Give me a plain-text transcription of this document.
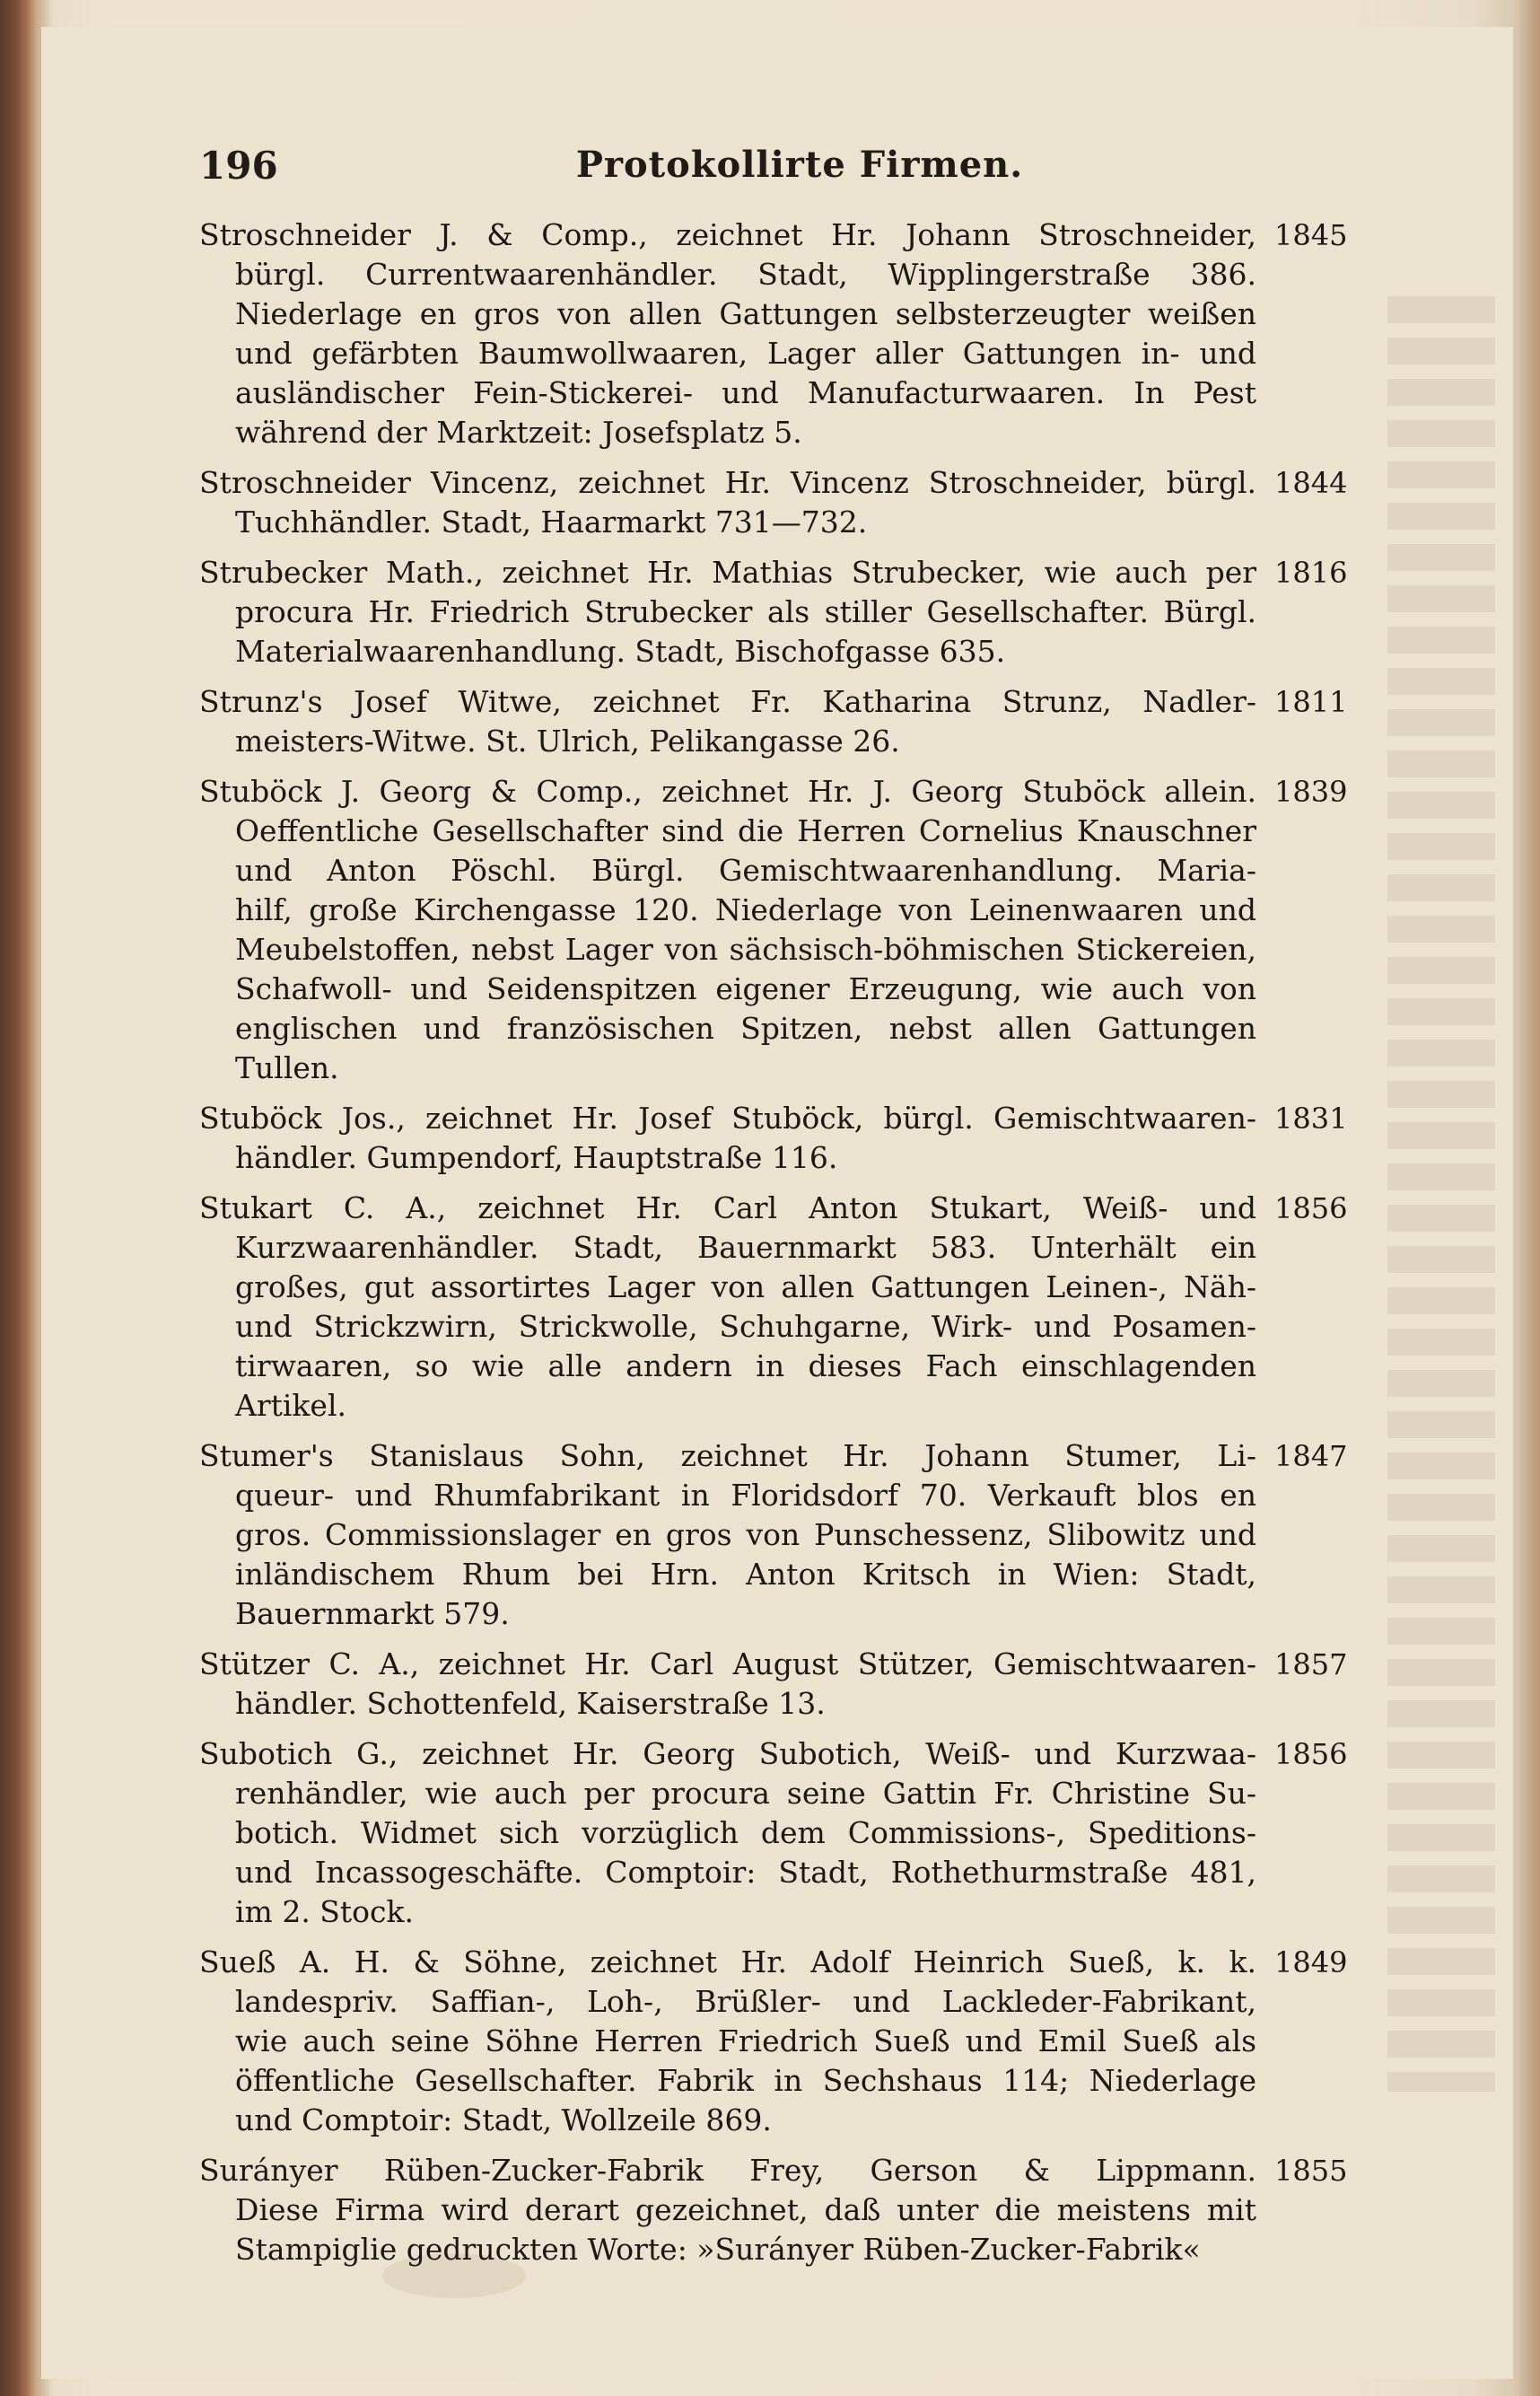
196	Protokollirte Firmen.
Stroschneider J. & Comp., zeichnet Hr. Johann Stroschneider, 1845
bürgl. Currentwaarenhändler. Stadt, Wipplingerstraße 386.
Niederlage en gros von allen Gattungen selbsterzeugter weißen
und gefärbten Baumwollwaaren, Lager aller Gattungen in- und
ausländischer Fein-Stickerei- und Manufacturwaaren. In Pest
während der Marktzeit: Josefsplatz 5.
Stroschneider Vincenz, zeichnet Hr. Vincenz Stroschneider, bürgl. 1844
Tuchhändler. Stadt, Haarmarkt 731—732.
Strubecker Math., zeichnet Hr. Mathias Strubecker, wie auch per 1816
procura Hr. Friedrich Strubecker als stiller Gesellschafter. Bürgl.
Materialwaarenhandlung. Stadt, Bischofgasse 635.
Strunz's Josef Witwe, zeichnet Fr. Katharina Strunz, Nadler- 1811
meisters-Witwe. St. Ulrich, Pelikangasse 26.
Stuböck J. Georg & Comp., zeichnet Hr. J. Georg Stuböck allein. 1839
Oeffentliche Gesellschafter sind die Herren Cornelius Knauschner
und Anton Pöschl. Bürgl. Gemischtwaarenhandlung. Maria-
hilf, große Kirchengasse 120. Niederlage von Leinenwaaren und
Meubelstoffen, nebst Lager von sächsisch-böhmischen Stickereien,
Schafwoll- und Seidenspitzen eigener Erzeugung, wie auch von
englischen und französischen Spitzen, nebst allen Gattungen
Tullen.
Stuböck Jos., zeichnet Hr. Josef Stuböck, bürgl. Gemischtwaaren- 1831
händler. Gumpendorf, Hauptstraße 116.
Stukart C. A., zeichnet Hr. Carl Anton Stukart, Weiß- und 1856
Kurzwaarenhändler. Stadt, Bauernmarkt 583. Unterhält ein
großes, gut assortirtes Lager von allen Gattungen Leinen-, Näh-
und Strickzwirn, Strickwolle, Schuhgarne, Wirk- und Posamen-
tirwaaren, so wie alle andern in dieses Fach einschlagenden
Artikel.
Stumer's Stanislaus Sohn, zeichnet Hr. Johann Stumer, Li- 1847
queur- und Rhumfabrikant in Floridsdorf 70. Verkauft blos en
gros. Commissionslager en gros von Punschessenz, Slibowitz und
inländischem Rhum bei Hrn. Anton Kritsch in Wien: Stadt,
Bauernmarkt 579.
Stützer C. A., zeichnet Hr. Carl August Stützer, Gemischtwaaren- 1857
händler. Schottenfeld, Kaiserstraße 13.
Subotich G., zeichnet Hr. Georg Subotich, Weiß- und Kurzwaa- 1856
renhändler, wie auch per procura seine Gattin Fr. Christine Su-
botich. Widmet sich vorzüglich dem Commissions-, Speditions-
und Incassogeschäfte. Comptoir: Stadt, Rothethurmstraße 481,
im 2. Stock.
Sueß A. H. & Söhne, zeichnet Hr. Adolf Heinrich Sueß, k. k. 1849
landespriv. Saffian-, Loh-, Brüßler- und Lackleder-Fabrikant,
wie auch seine Söhne Herren Friedrich Sueß und Emil Sueß als
öffentliche Gesellschafter. Fabrik in Sechshaus 114; Niederlage
und Comptoir: Stadt, Wollzeile 869.
Surányer Rüben-Zucker-Fabrik Frey, Gerson & Lippmann. 1855
Diese Firma wird derart gezeichnet, daß unter die meistens mit
Stampiglie gedruckten Worte: »Surányer Rüben-Zucker-Fabrik«
